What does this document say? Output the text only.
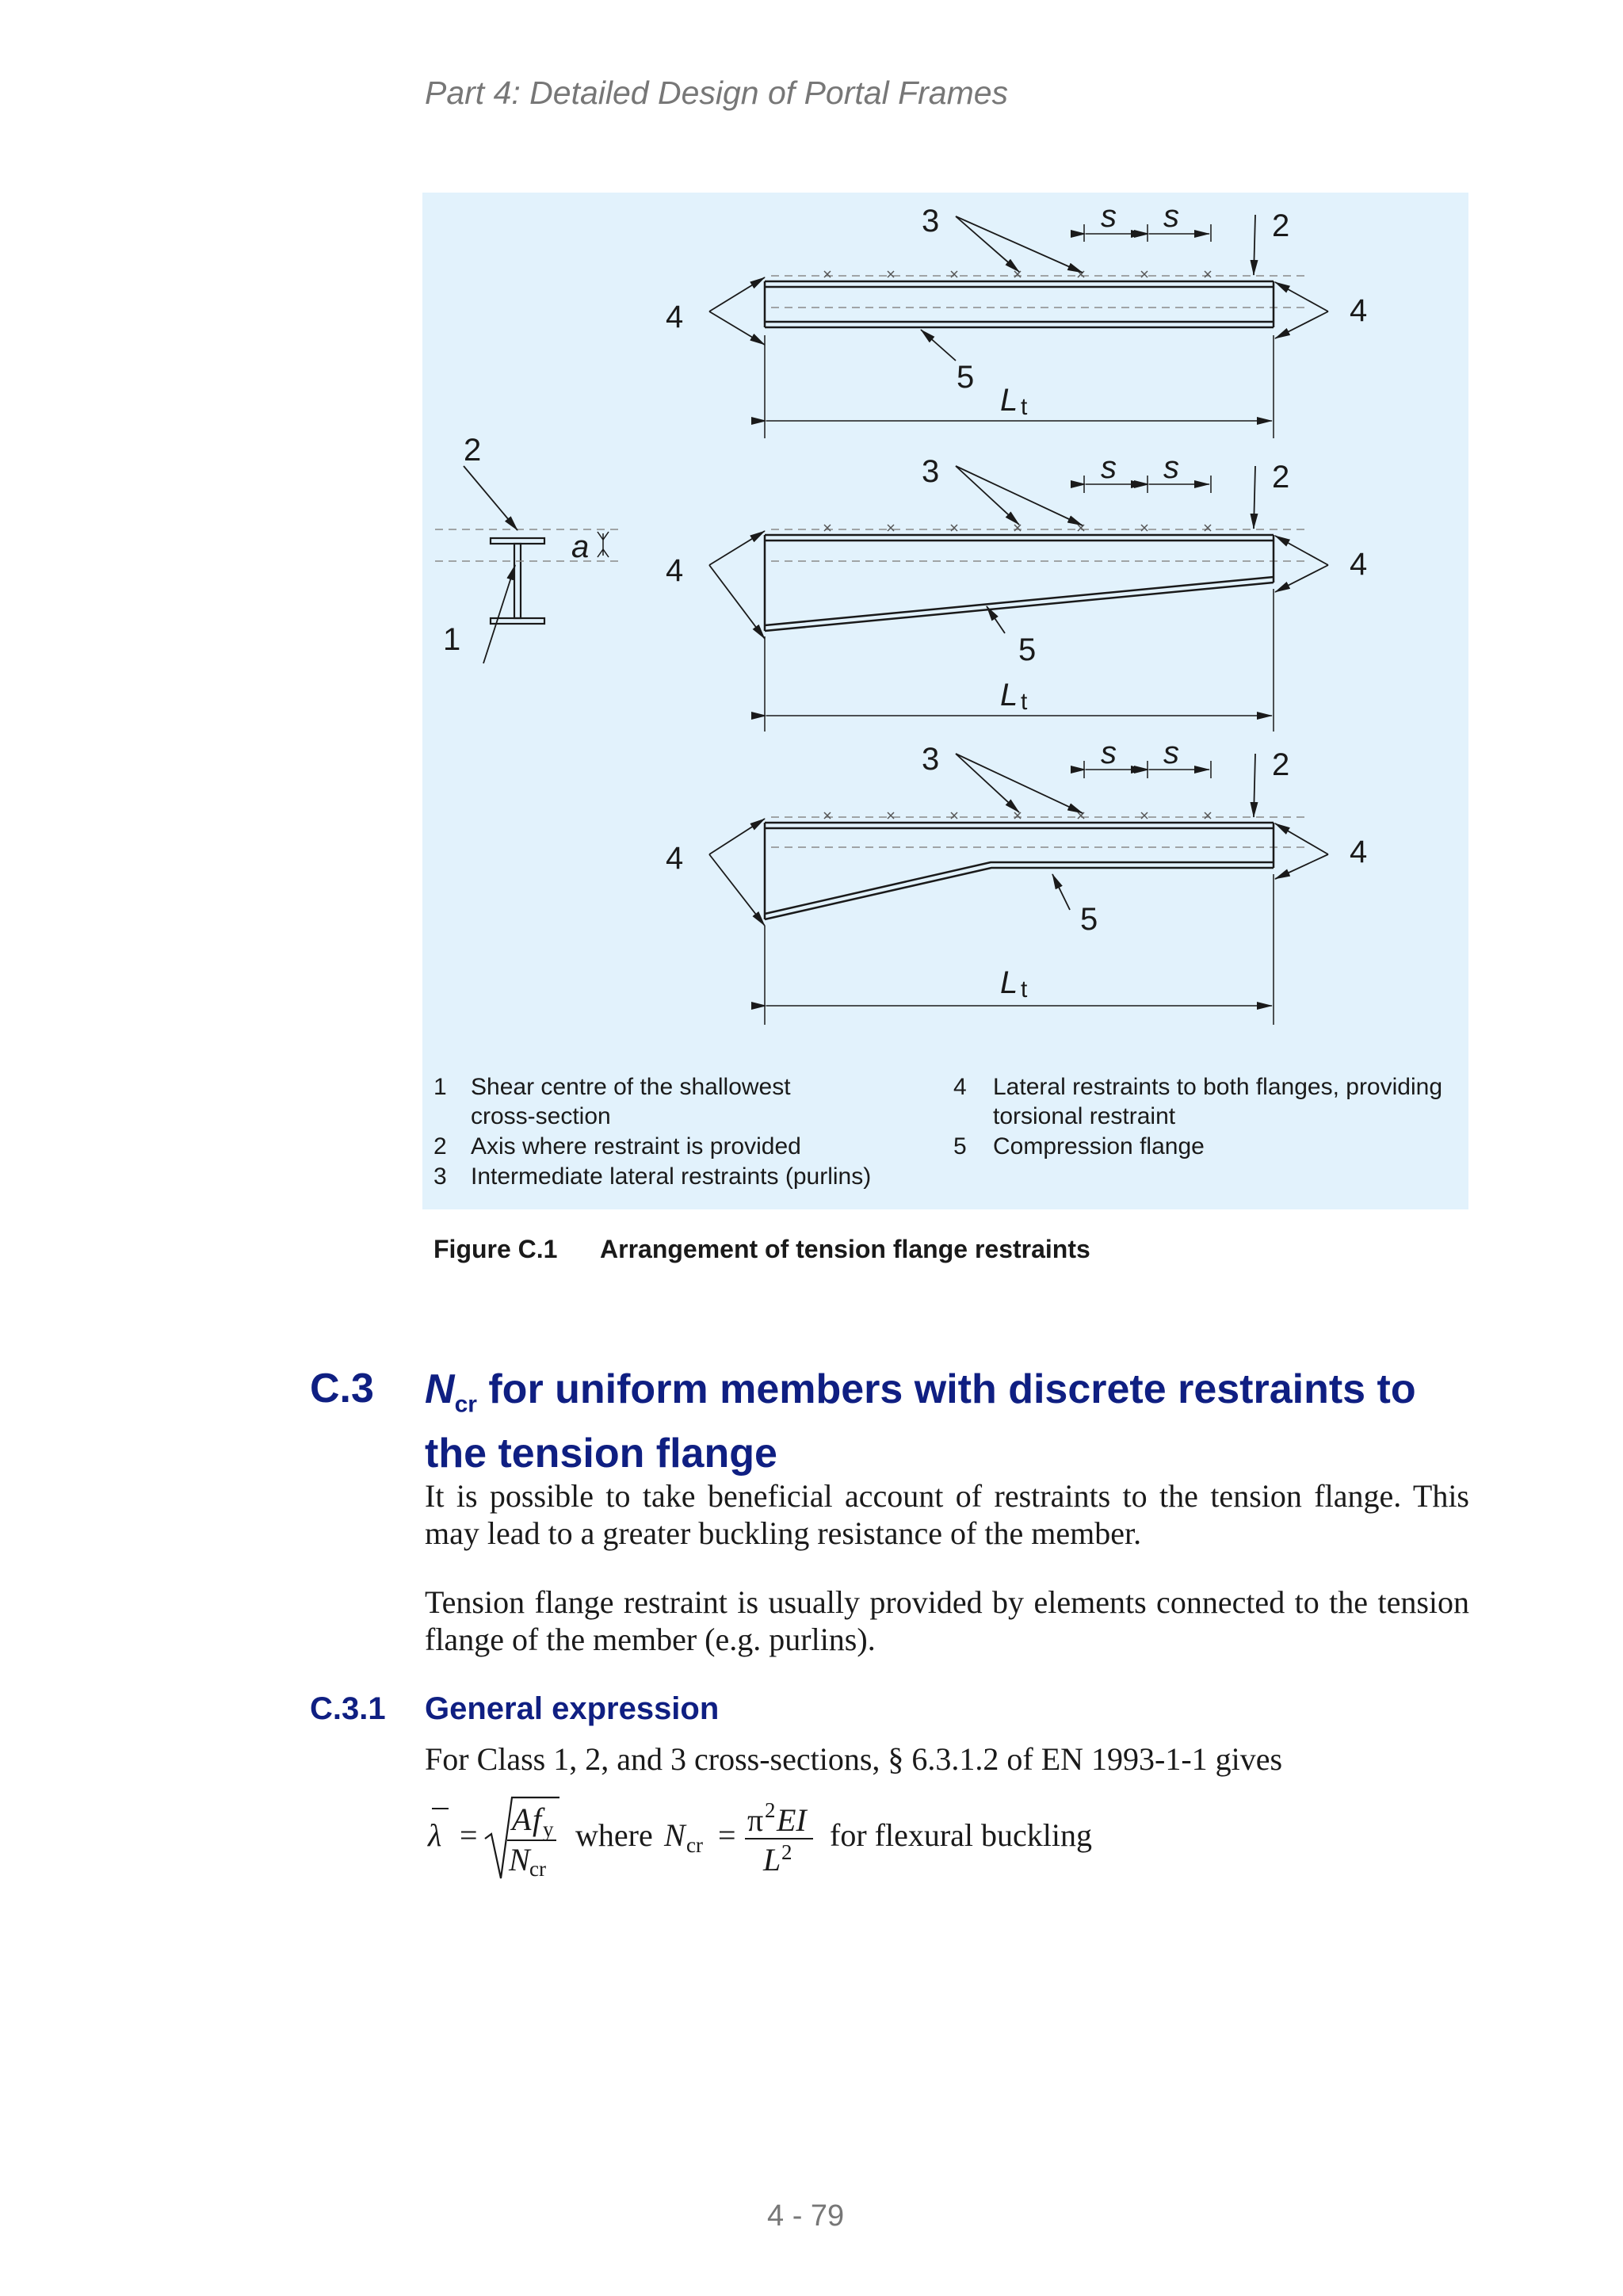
Part 4: Detailed Design of Portal Frames
1
2
a
3	2
4	4
5
s s
L t
3	2
4	4
5
s s
L t
3	2
4	4
5
s s
L t
1	Shear centre of the shallowest cross-section
2	Axis where restraint is provided
3	Intermediate lateral restraints (purlins)
4	Lateral restraints to both flanges, providing torsional restraint
5	Compression flange
Figure C.1 Arrangement of tension flange restraints
C.3 $N_{cr}$ for uniform members with discrete restraints to the tension flange
It is possible to take beneficial account of restraints to the tension flange. This may lead to a greater buckling resistance of the member.
Tension flange restraint is usually provided by elements connected to the tension flange of the member (e.g. purlins).
C.3.1 General expression
For Class 1, 2, and 3 cross-sections, § 6.3.1.2 of EN 1993-1-1 gives
λ = A f y
N cr
where N cr = π 2 EI
L 2 for flexural buckling
4 - 79
